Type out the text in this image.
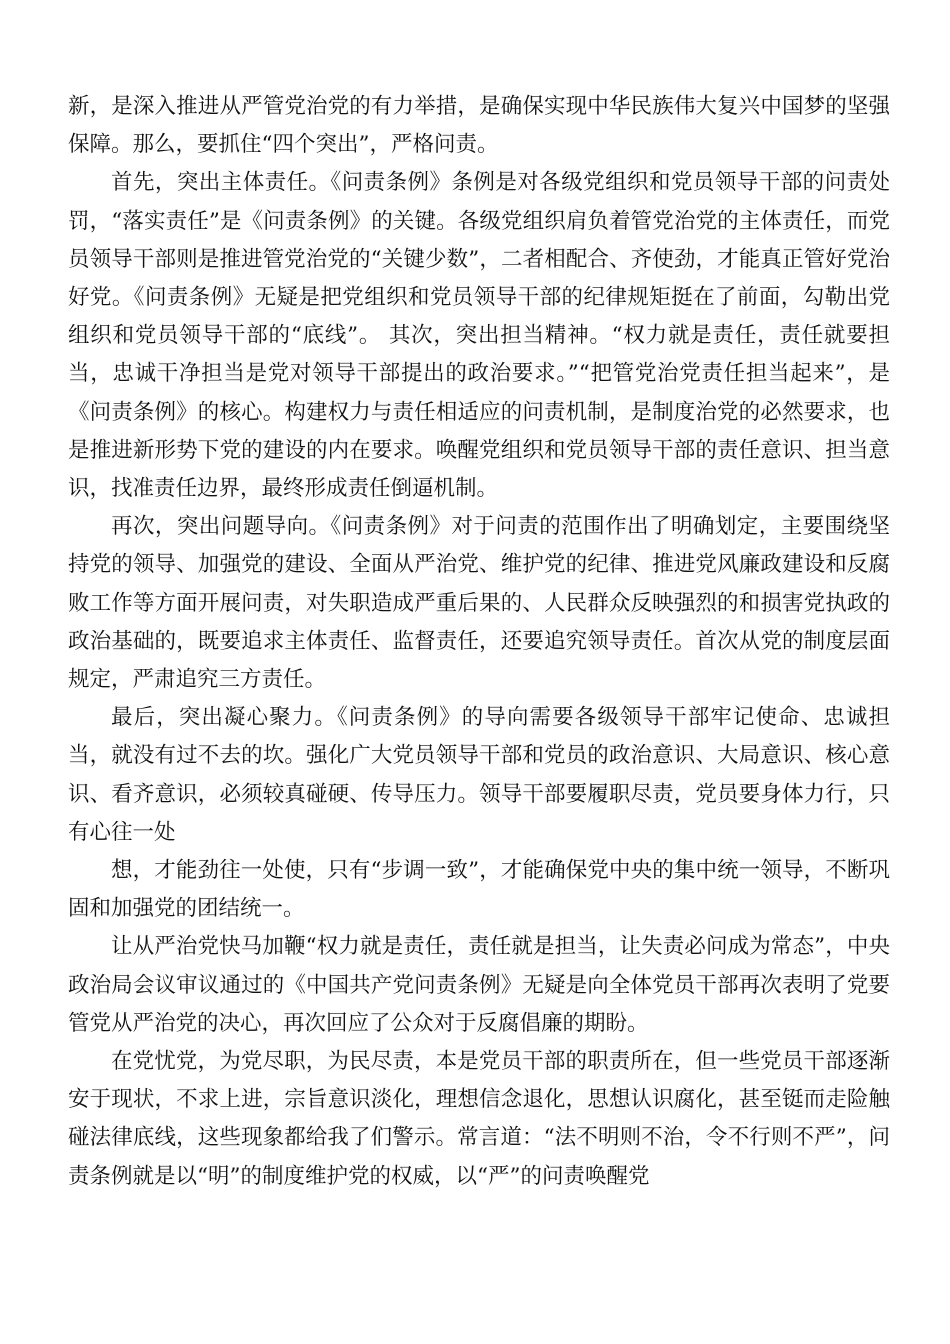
新，是深入推进从严管党治党的有力举措，是确保实现中华民族伟大复兴中国梦的坚强保障。那么，要抓住“四个突出”，严格问责。

首先，突出主体责任。《问责条例》条例是对各级党组织和党员领导干部的问责处罚，“落实责任”是《问责条例》的关键。各级党组织肩负着管党治党的主体责任，而党员领导干部则是推进管党治党的“关键少数”，二者相配合、齐使劲，才能真正管好党治好党。《问责条例》无疑是把党组织和党员领导干部的纪律规矩挺在了前面，勾勒出党组织和党员领导干部的“底线”。 其次，突出担当精神。“权力就是责任，责任就要担当，忠诚干净担当是党对领导干部提出的政治要求。”“把管党治党责任担当起来”，是《问责条例》的核心。构建权力与责任相适应的问责机制，是制度治党的必然要求，也是推进新形势下党的建设的内在要求。唤醒党组织和党员领导干部的责任意识、担当意识，找准责任边界，最终形成责任倒逼机制。

再次，突出问题导向。《问责条例》对于问责的范围作出了明确划定，主要围绕坚持党的领导、加强党的建设、全面从严治党、维护党的纪律、推进党风廉政建设和反腐败工作等方面开展问责，对失职造成严重后果的、人民群众反映强烈的和损害党执政的政治基础的，既要追求主体责任、监督责任，还要追究领导责任。首次从党的制度层面规定，严肃追究三方责任。

最后，突出凝心聚力。《问责条例》的导向需要各级领导干部牢记使命、忠诚担当，就没有过不去的坎。强化广大党员领导干部和党员的政治意识、大局意识、核心意识、看齐意识，必须较真碰硬、传导压力。领导干部要履职尽责，党员要身体力行，只有心往一处

想，才能劲往一处使，只有“步调一致”，才能确保党中央的集中统一领导，不断巩固和加强党的团结统一。

让从严治党快马加鞭“权力就是责任，责任就是担当，让失责必问成为常态”，中央政治局会议审议通过的《中国共产党问责条例》无疑是向全体党员干部再次表明了党要管党从严治党的决心，再次回应了公众对于反腐倡廉的期盼。

在党忧党，为党尽职，为民尽责，本是党员干部的职责所在，但一些党员干部逐渐安于现状，不求上进，宗旨意识淡化，理想信念退化，思想认识腐化，甚至铤而走险触碰法律底线，这些现象都给我了们警示。常言道：“法不明则不治，令不行则不严”，问责条例就是以“明”的制度维护党的权威，以“严”的问责唤醒党
